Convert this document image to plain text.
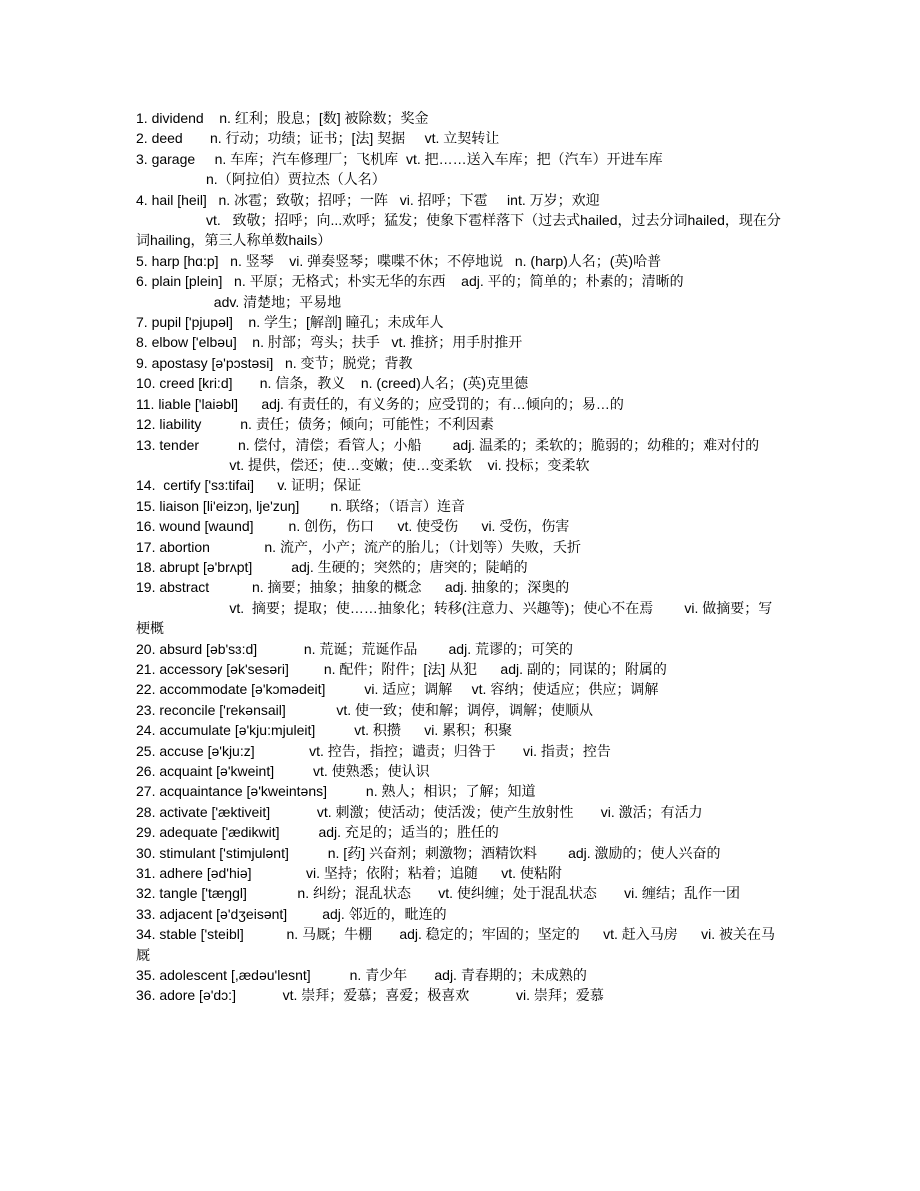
1. dividend    n. 红利；股息；[数] 被除数；奖金
2. deed       n. 行动；功绩；证书；[法] 契据     vt. 立契转让
3. garage     n. 车库；汽车修理厂；飞机库  vt. 把……送入车库；把（汽车）开进车库
n.（阿拉伯）贾拉杰（人名）
4. hail [heil]   n. 冰雹；致敬；招呼；一阵   vi. 招呼；下雹     int. 万岁；欢迎
vt.   致敬；招呼；向...欢呼；猛发；使象下雹样落下（过去式hailed，过去分词hailed，现在分词hailing，第三人称单数hails）
5. harp [hɑ:p]   n. 竖琴    vi. 弹奏竖琴；喋喋不休；不停地说   n. (harp)人名；(英)哈普
6. plain [plein]   n. 平原；无格式；朴实无华的东西    adj. 平的；简单的；朴素的；清晰的
adv. 清楚地；平易地
7. pupil ['pjupəl]    n. 学生；[解剖] 瞳孔；未成年人
8. elbow ['elbəu]    n. 肘部；弯头；扶手   vt. 推挤；用手肘推开
9. apostasy [ə'pɔstəsi]   n. 变节；脱党；背教
10. creed [kri:d]       n. 信条，教义    n. (creed)人名；(英)克里德
11. liable ['laiəbl]      adj. 有责任的，有义务的；应受罚的；有…倾向的；易…的
12. liability          n. 责任；债务；倾向；可能性；不利因素
13. tender          n. 偿付，清偿；看管人；小船        adj. 温柔的；柔软的；脆弱的；幼稚的；难对付的
vt. 提供，偿还；使…变嫩；使…变柔软    vi. 投标；变柔软
14.  certify ['sɜ:tifai]      v. 证明；保证
15. liaison [li'eizɔŋ, lje'zuŋ]        n. 联络；（语言）连音
16. wound [waund]         n. 创伤，伤口      vt. 使受伤      vi. 受伤，伤害
17. abortion              n. 流产，小产；流产的胎儿；（计划等）失败，夭折
18. abrupt [ə'brʌpt]          adj. 生硬的；突然的；唐突的；陡峭的
19. abstract           n. 摘要；抽象；抽象的概念      adj. 抽象的；深奥的
vt.  摘要；提取；使……抽象化；转移(注意力、兴趣等)；使心不在焉        vi. 做摘要；写梗概
20. absurd [əb'sɜ:d]            n. 荒诞；荒诞作品        adj. 荒谬的；可笑的
21. accessory [ək'sesəri]         n. 配件；附件；[法] 从犯      adj. 副的；同谋的；附属的
22. accommodate [ə'kɔmədeit]          vi. 适应；调解     vt. 容纳；使适应；供应；调解
23. reconcile ['rekənsail]             vt. 使一致；使和解；调停，调解；使顺从
24. accumulate [ə'kju:mjuleit]          vt. 积攒      vi. 累积；积聚
25. accuse [ə'kju:z]              vt. 控告，指控；谴责；归咎于       vi. 指责；控告
26. acquaint [ə'kweint]          vt. 使熟悉；使认识
27. acquaintance [ə'kweintəns]          n. 熟人；相识；了解；知道
28. activate ['æktiveit]            vt. 刺激；使活动；使活泼；使产生放射性       vi. 激活；有活力
29. adequate ['ædikwit]          adj. 充足的；适当的；胜任的
30. stimulant ['stimjulənt]          n. [药] 兴奋剂；刺激物；酒精饮料        adj. 激励的；使人兴奋的
31. adhere [əd'hiə]              vi. 坚持；依附；粘着；追随      vt. 使粘附
32. tangle ['tæŋgl]             n. 纠纷；混乱状态       vt. 使纠缠；处于混乱状态       vi. 缠结；乱作一团
33. adjacent [ə'dʒeisənt]         adj. 邻近的，毗连的
34. stable ['steibl]           n. 马厩；牛棚       adj. 稳定的；牢固的；坚定的      vt. 赶入马房      vi. 被关在马厩
35. adolescent [,ædəu'lesnt]          n. 青少年       adj. 青春期的；未成熟的
36. adore [ə'dɔ:]            vt. 崇拜；爱慕；喜爱；极喜欢            vi. 崇拜；爱慕
